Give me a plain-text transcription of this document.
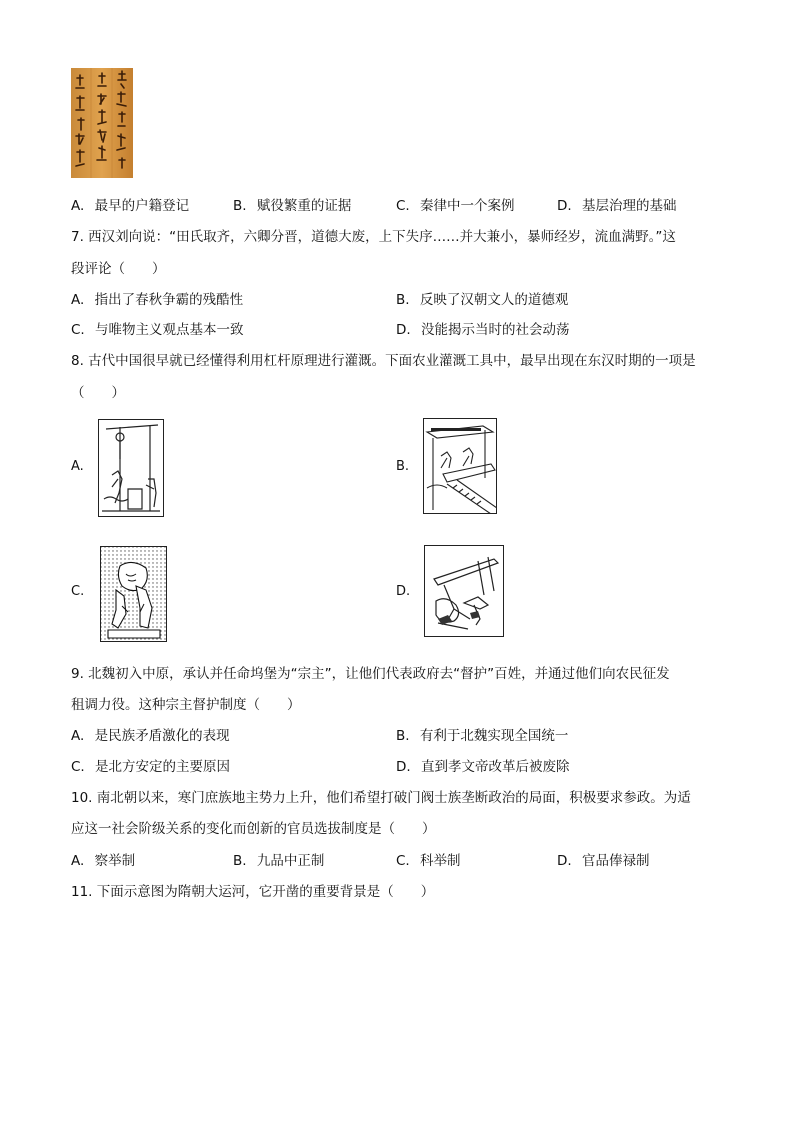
A. 最早的户籍登记	B. 赋役繁重的证据	C. 秦律中一个案例	D. 基层治理的基础
7. 西汉刘向说：“田氏取齐，六卿分晋，道德大废，上下失序……并大兼小，暴师经岁，流血满野。”这
段评论（　　）
A. 指出了春秋争霸的残酷性	B. 反映了汉朝文人的道德观
C. 与唯物主义观点基本一致	D. 没能揭示当时的社会动荡
8. 古代中国很早就已经懂得利用杠杆原理进行灌溉。下面农业灌溉工具中，最早出现在东汉时期的一项是
（　　）
A.	B.
C.	D.
9. 北魏初入中原，承认并任命坞堡为“宗主”，让他们代表政府去“督护”百姓，并通过他们向农民征发
租调力役。这种宗主督护制度（　　）
A. 是民族矛盾激化的表现	B. 有利于北魏实现全国统一
C. 是北方安定的主要原因	D. 直到孝文帝改革后被废除
10. 南北朝以来，寒门庶族地主势力上升，他们希望打破门阀士族垄断政治的局面，积极要求参政。为适
应这一社会阶级关系的变化而创新的官员选拔制度是（　　）
A. 察举制	B. 九品中正制	C. 科举制	D. 官品俸禄制
11. 下面示意图为隋朝大运河，它开凿的重要背景是（　　）
